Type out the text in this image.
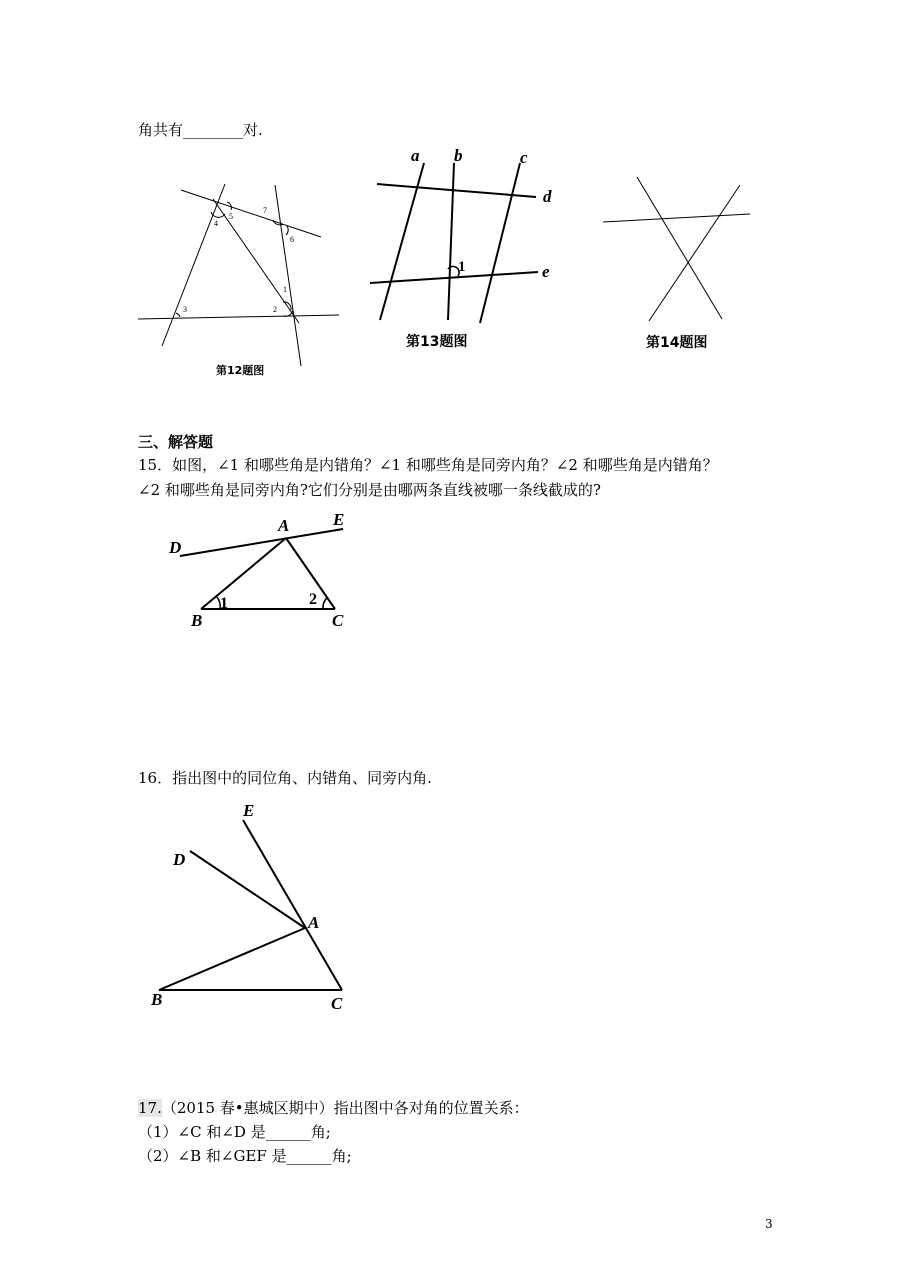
角共有________对.
4
5
7
6
1
2
3
第12题图
a b	c
d
e
1
第13题图	第14题图
三、解答题
15．如图，∠1 和哪些角是内错角？∠1 和哪些角是同旁内角？∠2 和哪些角是内错角？
∠2 和哪些角是同旁内角?它们分别是由哪两条直线被哪一条线截成的?
A	E
D
B	C
1	2
16．指出图中的同位角、内错角、同旁内角.
E
D
A
B	C
17.（2015 春•惠城区期中）指出图中各对角的位置关系：
（1）∠C 和∠D 是______角;
（2）∠B 和∠GEF 是______角;
3
